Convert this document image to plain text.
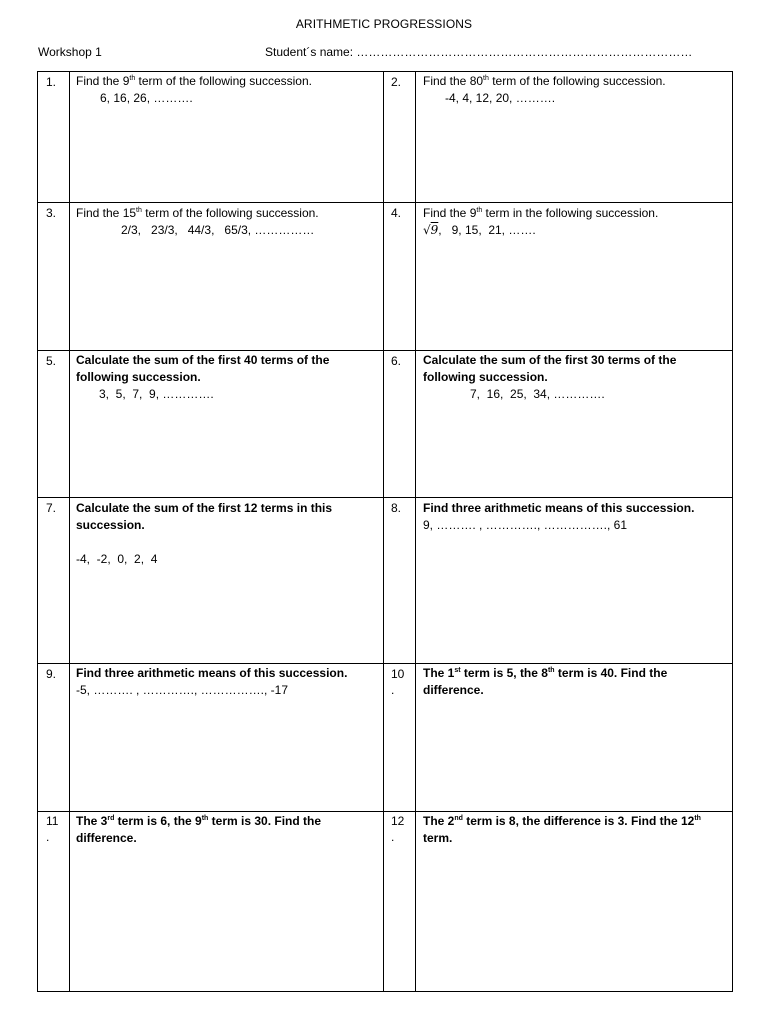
ARITHMETIC PROGRESSIONS
Workshop 1	Student´s name: …………………………………………………………………………
1. Find the 9th term of the following succession.

6, 16, 26, ……….

2. Find the 80th term of the following succession.

-4, 4, 12, 20, ……….

3. Find the 15th term of the following succession.

2/3,   23/3,   44/3,   65/3, ……………

4. Find the 9th term in the following succession.

√9,   9, 15,  21, …….

5. Calculate the sum of the first 40 terms of the following succession.

3,  5,  7,  9, ………….

6. Calculate the sum of the first 30 terms of the following succession.

7,  16,  25,  34, ………….

7. Calculate the sum of the first 12 terms in this succession.

-4,  -2,  0,  2,  4

8. Find three arithmetic means of this succession.

9, ………. , …………., ……………., 61

9. Find three arithmetic means of this succession.

-5, ………. , …………., ……………., -17

10
.

The 1st term is 5, the 8th term is 40. Find the difference.

11
.

The 3rd term is 6, the 9th term is 30. Find the difference.

12
.

The 2nd term is 8, the difference is 3. Find the 12th term.
